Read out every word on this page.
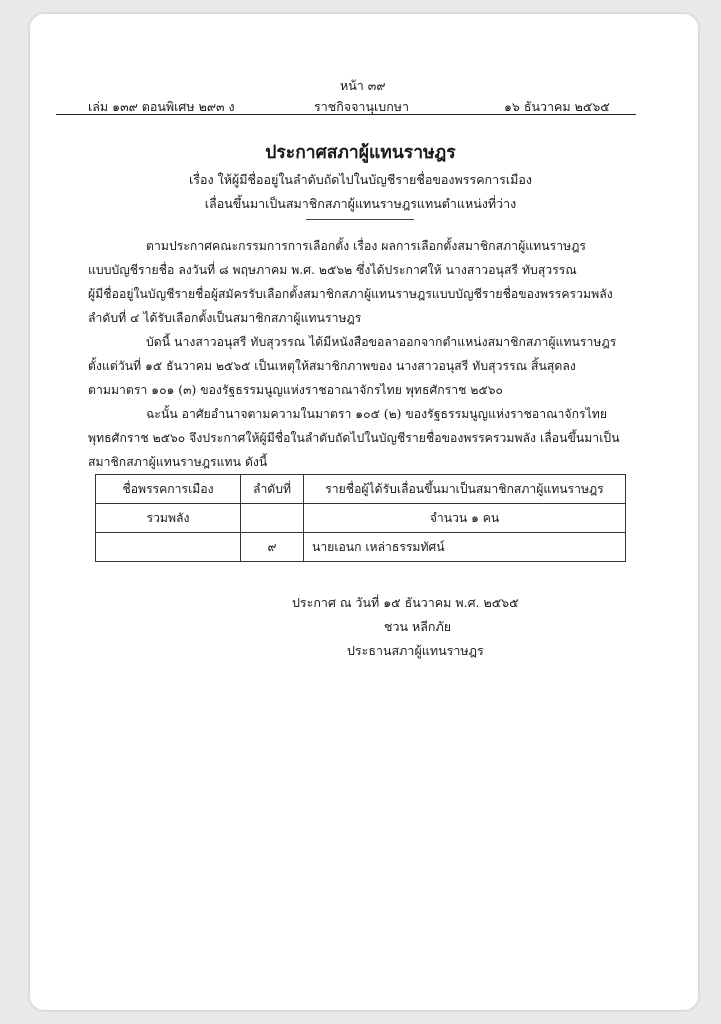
หน้า ๓๙
เล่ม ๑๓๙ ตอนพิเศษ ๒๙๓ ง	ราชกิจจานุเบกษา	๑๖ ธันวาคม ๒๕๖๕
ประกาศสภาผู้แทนราษฎร
เรื่อง ให้ผู้มีชื่ออยู่ในลำดับถัดไปในบัญชีรายชื่อของพรรคการเมือง
เลื่อนขึ้นมาเป็นสมาชิกสภาผู้แทนราษฎรแทนตำแหน่งที่ว่าง
ตามประกาศคณะกรรมการการเลือกตั้ง เรื่อง ผลการเลือกตั้งสมาชิกสภาผู้แทนราษฎร
แบบบัญชีรายชื่อ ลงวันที่ ๘ พฤษภาคม พ.ศ. ๒๕๖๒ ซึ่งได้ประกาศให้ นางสาวอนุสรี ทับสุวรรณ
ผู้มีชื่ออยู่ในบัญชีรายชื่อผู้สมัครรับเลือกตั้งสมาชิกสภาผู้แทนราษฎรแบบบัญชีรายชื่อของพรรครวมพลัง
ลำดับที่ ๔ ได้รับเลือกตั้งเป็นสมาชิกสภาผู้แทนราษฎร
บัดนี้ นางสาวอนุสรี ทับสุวรรณ ได้มีหนังสือขอลาออกจากตำแหน่งสมาชิกสภาผู้แทนราษฎร
ตั้งแต่วันที่ ๑๕ ธันวาคม ๒๕๖๕ เป็นเหตุให้สมาชิกภาพของ นางสาวอนุสรี ทับสุวรรณ สิ้นสุดลง
ตามมาตรา ๑๐๑ (๓) ของรัฐธรรมนูญแห่งราชอาณาจักรไทย พุทธศักราช ๒๕๖๐
ฉะนั้น อาศัยอำนาจตามความในมาตรา ๑๐๕ (๒) ของรัฐธรรมนูญแห่งราชอาณาจักรไทย
พุทธศักราช ๒๕๖๐ จึงประกาศให้ผู้มีชื่อในลำดับถัดไปในบัญชีรายชื่อของพรรครวมพลัง เลื่อนขึ้นมาเป็น
สมาชิกสภาผู้แทนราษฎรแทน ดังนี้
ชื่อพรรคการเมือง	ลำดับที่	รายชื่อผู้ได้รับเลื่อนขึ้นมาเป็นสมาชิกสภาผู้แทนราษฎร
รวมพลัง		จำนวน ๑ คน
	๙	นายเอนก เหล่าธรรมทัศน์
ประกาศ ณ วันที่ ๑๕ ธันวาคม พ.ศ. ๒๕๖๕
ชวน หลีกภัย
ประธานสภาผู้แทนราษฎร
